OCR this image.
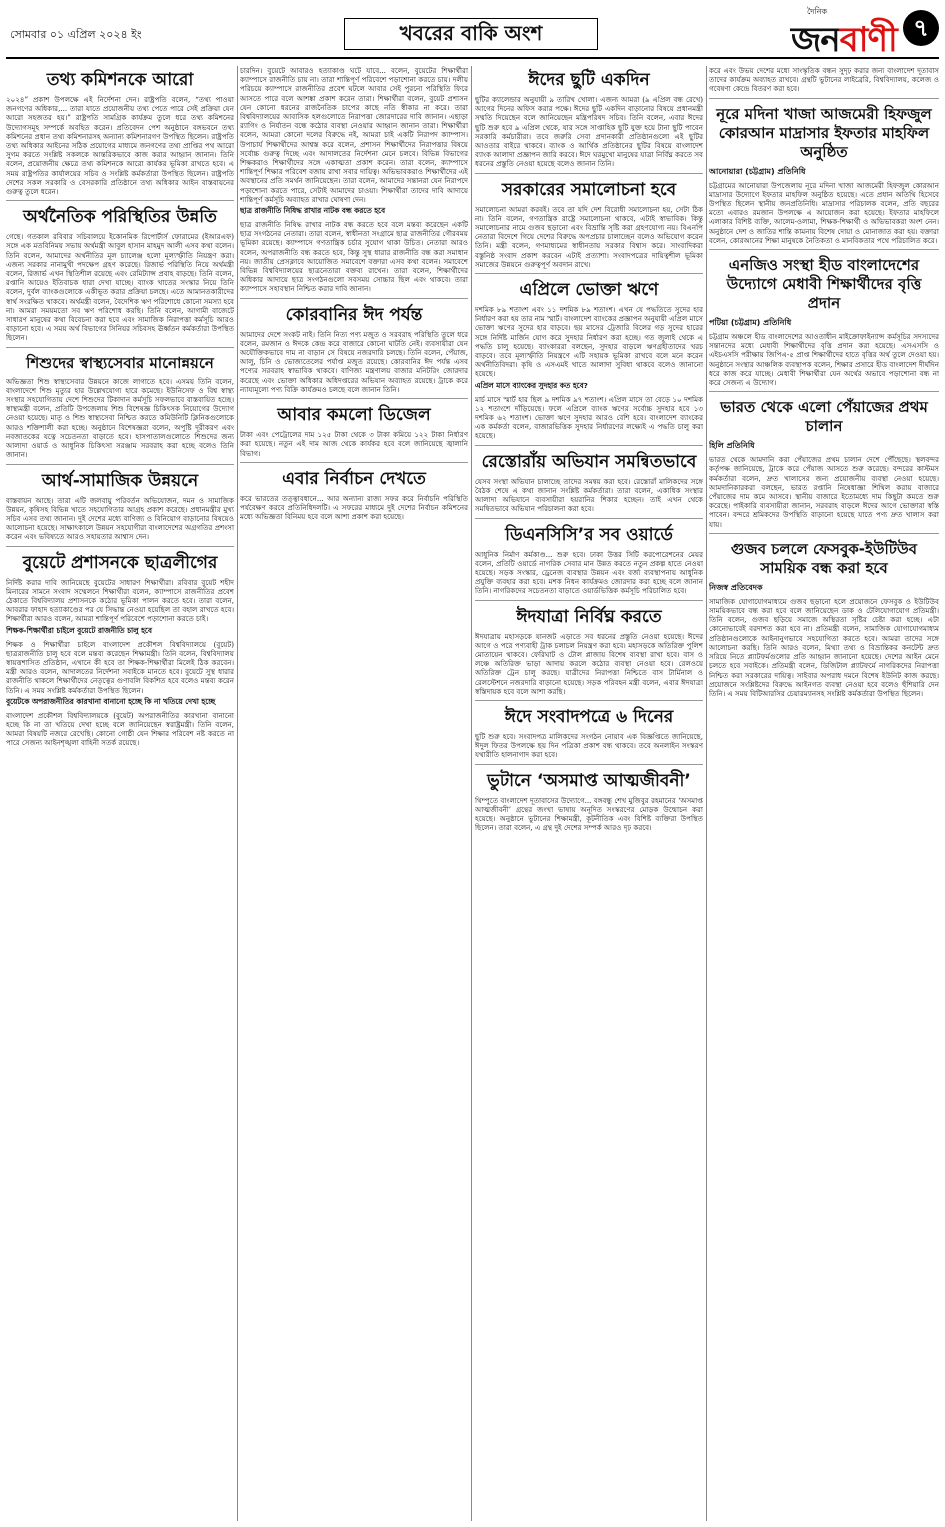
সোমবার ০১ এপ্রিল ২০২৪ ইং	খবরের বাকি অংশ
দৈনিক
জনবাণী ৭
তথ্য কমিশনকে আরো

২০২৪” প্রকাশ উপলক্ষে এই নির্দেশনা দেন। রাষ্ট্রপতি বলেন, “তথ্য পাওয়া জনগণের অধিকার,... তারা যাতে প্রয়োজনীয় তথ্য পেতে পারে সেই প্রক্রিয়া যেন আরো সহজতর হয়।” রাষ্ট্রপতি সামগ্রিক কার্যক্রম তুলে ধরে তথ্য কমিশনের উদ্যোগসমূহ সম্পর্কে অবহিত করেন। প্রতিবেদন পেশ অনুষ্ঠানে বঙ্গভবনে তথ্য কমিশনের প্রধান তথ্য কমিশনারসহ অন্যান্য কমিশনারগণ উপস্থিত ছিলেন। রাষ্ট্রপতি তথ্য অধিকার আইনের সঠিক প্রয়োগের মাধ্যমে জনগণের তথ্য প্রাপ্তির পথ আরো সুগম করতে সংশ্লিষ্ট সকলকে আন্তরিকভাবে কাজ করার আহ্বান জানান। তিনি বলেন, প্রয়োজনীয় ক্ষেত্রে তথ্য কমিশনকে আরো কার্যকর ভূমিকা রাখতে হবে। এ সময় রাষ্ট্রপতির কার্যালয়ের সচিব ও সংশ্লিষ্ট কর্মকর্তারা উপস্থিত ছিলেন। রাষ্ট্রপতি দেশের সকল সরকারি ও বেসরকারি প্রতিষ্ঠানে তথ্য অধিকার আইন বাস্তবায়নের গুরুত্ব তুলে ধরেন।

অর্থনৈতিক পরিস্থিতির উন্নতি

গেছে। গতকাল রবিবার সচিবালয়ে ইকোনমিক রিপোর্টার্স ফোরামের (ইআরএফ) সঙ্গে এক মতবিনিময় সভায় অর্থমন্ত্রী আবুল হাসান মাহমুদ আলী এসব কথা বলেন। তিনি বলেন, আমাদের অর্থনীতির মূল চ্যালেঞ্জ হলো মূল্যস্ফীতি নিয়ন্ত্রণ করা। এজন্য সরকার নানামুখী পদক্ষেপ গ্রহণ করেছে। রিজার্ভ পরিস্থিতি নিয়ে অর্থমন্ত্রী বলেন, রিজার্ভ এখন স্থিতিশীল রয়েছে এবং রেমিট্যান্স প্রবাহ বাড়ছে। তিনি বলেন, রপ্তানি আয়েও ইতিবাচক ধারা দেখা যাচ্ছে। ব্যাংক খাতের সংস্কার নিয়ে তিনি বলেন, দুর্বল ব্যাংকগুলোকে একীভূত করার প্রক্রিয়া চলছে। এতে আমানতকারীদের স্বার্থ সংরক্ষিত থাকবে। অর্থমন্ত্রী বলেন, বৈদেশিক ঋণ পরিশোধে কোনো সমস্যা হবে না। আমরা সময়মতো সব ঋণ পরিশোধ করছি। তিনি বলেন, আগামী বাজেটে সাধারণ মানুষের কথা বিবেচনা করা হবে এবং সামাজিক নিরাপত্তা কর্মসূচি আরও বাড়ানো হবে। এ সময় অর্থ বিভাগের সিনিয়র সচিবসহ ঊর্ধ্বতন কর্মকর্তারা উপস্থিত ছিলেন।

শিশুদের স্বাস্থ্যসেবার মানোন্নয়নে

অভিজ্ঞতা শিশু স্বাস্থ্যসেবার উন্নয়নে কাজে লাগাতে হবে। এসময় তিনি বলেন, বাংলাদেশে শিশু মৃত্যুর হার উল্লেখযোগ্য হারে কমেছে। ইউনিসেফ ও বিশ্ব স্বাস্থ্য সংস্থার সহযোগিতায় দেশে শিশুদের টিকাদান কর্মসূচি সফলভাবে বাস্তবায়িত হচ্ছে। স্বাস্থ্যমন্ত্রী বলেন, প্রতিটি উপজেলায় শিশু বিশেষজ্ঞ চিকিৎসক নিয়োগের উদ্যোগ নেওয়া হয়েছে। মাতৃ ও শিশু স্বাস্থ্যসেবা নিশ্চিত করতে কমিউনিটি ক্লিনিকগুলোকে আরও শক্তিশালী করা হচ্ছে। অনুষ্ঠানে বিশেষজ্ঞরা বলেন, অপুষ্টি দূরীকরণ এবং নবজাতকের যত্নে সচেতনতা বাড়াতে হবে। হাসপাতালগুলোতে শিশুদের জন্য আলাদা ওয়ার্ড ও আধুনিক চিকিৎসা সরঞ্জাম সরবরাহ করা হচ্ছে বলেও তিনি জানান।

আর্থ-সামাজিক উন্নয়নে

বাস্তবায়ন আছে। তারা এটি জলবায়ু পরিবর্তন অভিযোজন, দমন ও সামাজিক উন্নয়ন, কৃষিসহ বিভিন্ন খাতে সহযোগিতার আগ্রহ প্রকাশ করেছে। প্রধানমন্ত্রীর মুখ্য সচিব এসব তথ্য জানান। দুই দেশের মধ্যে বাণিজ্য ও বিনিয়োগ বাড়ানোর বিষয়েও আলোচনা হয়েছে। সাক্ষাৎকালে উন্নয়ন সহযোগীরা বাংলাদেশের অগ্রগতির প্রশংসা করেন এবং ভবিষ্যতে আরও সহায়তার আশ্বাস দেন।

বুয়েটে প্রশাসনকে ছাত্রলীগের

নির্দিষ্ট করার দাবি জানিয়েছে বুয়েটের সাধারণ শিক্ষার্থীরা। রবিবার বুয়েট শহীদ মিনারের সামনে সংবাদ সম্মেলনে শিক্ষার্থীরা বলেন, ক্যাম্পাসে রাজনীতির প্রবেশ ঠেকাতে বিশ্ববিদ্যালয় প্রশাসনকে কঠোর ভূমিকা পালন করতে হবে। তারা বলেন, আবরার ফাহাদ হত্যাকাণ্ডের পর যে সিদ্ধান্ত নেওয়া হয়েছিল তা বহাল রাখতে হবে। শিক্ষার্থীরা আরও বলেন, আমরা শান্তিপূর্ণ পরিবেশে পড়াশোনা করতে চাই।

শিক্ষক-শিক্ষার্থীরা চাইলে বুয়েটে রাজনীতি চালু হবে

শিক্ষক ও শিক্ষার্থীরা চাইলে বাংলাদেশ প্রকৌশল বিশ্ববিদ্যালয়ে (বুয়েট) ছাত্ররাজনীতি চালু হবে বলে মন্তব্য করেছেন শিক্ষামন্ত্রী। তিনি বলেন, বিশ্ববিদ্যালয় স্বায়ত্তশাসিত প্রতিষ্ঠান, এখানে কী হবে তা শিক্ষক-শিক্ষার্থীরা মিলেই ঠিক করবেন। মন্ত্রী আরও বলেন, আদালতের নির্দেশনা সবাইকে মানতে হবে। বুয়েটে সুস্থ ধারার রাজনীতি থাকলে শিক্ষার্থীদের নেতৃত্বের গুণাবলি বিকশিত হবে বলেও মন্তব্য করেন তিনি। এ সময় সংশ্লিষ্ট কর্মকর্তারা উপস্থিত ছিলেন।

বুয়েটকে অপরাজনীতির কারখানা বানানো হচ্ছে কি না খতিয়ে দেখা হচ্ছে

বাংলাদেশ প্রকৌশল বিশ্ববিদ্যালয়কে (বুয়েট) অপরাজনীতির কারখানা বানানো হচ্ছে কি না তা খতিয়ে দেখা হচ্ছে বলে জানিয়েছেন স্বরাষ্ট্রমন্ত্রী। তিনি বলেন, আমরা বিষয়টি নজরে রেখেছি। কোনো গোষ্ঠী যেন শিক্ষার পরিবেশ নষ্ট করতে না পারে সেজন্য আইনশৃঙ্খলা বাহিনী সতর্ক রয়েছে।

চারদিন। বুয়েটে আবারও হত্যাকাণ্ড ঘটে যাবে... বলেন, বুয়েটের শিক্ষার্থীরা ক্যাম্পাসে রাজনীতি চায় না। তারা শান্তিপূর্ণ পরিবেশে পড়াশোনা করতে চায়। দলীয় পরিচয়ে ক্যাম্পাসে রাজনীতির প্রবেশ ঘটলে আবার সেই পুরনো পরিস্থিতি ফিরে আসতে পারে বলে আশঙ্কা প্রকাশ করেন তারা। শিক্ষার্থীরা বলেন, বুয়েট প্রশাসন যেন কোনো ধরনের রাজনৈতিক চাপের কাছে নতি স্বীকার না করে। তারা বিশ্ববিদ্যালয়ের আবাসিক হলগুলোতে নিরাপত্তা জোরদারের দাবি জানান। এছাড়া র‍্যাগিং ও নির্যাতন বন্ধে কঠোর ব্যবস্থা নেওয়ার আহ্বান জানান তারা। শিক্ষার্থীরা বলেন, আমরা কোনো দলের বিরুদ্ধে নই, আমরা চাই একটি নিরাপদ ক্যাম্পাস। উপাচার্য শিক্ষার্থীদের আশ্বস্ত করে বলেন, প্রশাসন শিক্ষার্থীদের নিরাপত্তার বিষয়ে সর্বোচ্চ গুরুত্ব দিচ্ছে এবং আদালতের নির্দেশনা মেনে চলবে। বিভিন্ন বিভাগের শিক্ষকরাও শিক্ষার্থীদের সঙ্গে একাত্মতা প্রকাশ করেন। তারা বলেন, ক্যাম্পাসে শান্তিপূর্ণ শিক্ষার পরিবেশ বজায় রাখা সবার দায়িত্ব। অভিভাবকরাও শিক্ষার্থীদের এই অবস্থানের প্রতি সমর্থন জানিয়েছেন। তারা বলেন, আমাদের সন্তানরা যেন নিরাপদে পড়াশোনা করতে পারে, সেটাই আমাদের চাওয়া। শিক্ষার্থীরা তাদের দাবি আদায়ে শান্তিপূর্ণ কর্মসূচি অব্যাহত রাখার ঘোষণা দেন।

ছাত্র রাজনীতি নিষিদ্ধ রাখার নাটক বন্ধ করতে হবে

ছাত্র রাজনীতি নিষিদ্ধ রাখার নাটক বন্ধ করতে হবে বলে মন্তব্য করেছেন একটি ছাত্র সংগঠনের নেতারা। তারা বলেন, স্বাধীনতা সংগ্রামে ছাত্র রাজনীতির গৌরবময় ভূমিকা রয়েছে। ক্যাম্পাসে গণতান্ত্রিক চর্চার সুযোগ থাকা উচিত। নেতারা আরও বলেন, অপরাজনীতি বন্ধ করতে হবে, কিন্তু সুস্থ ধারার রাজনীতি বন্ধ করা সমাধান নয়। জাতীয় প্রেসক্লাবে আয়োজিত সমাবেশে বক্তারা এসব কথা বলেন। সমাবেশে বিভিন্ন বিশ্ববিদ্যালয়ের ছাত্রনেতারা বক্তব্য রাখেন। তারা বলেন, শিক্ষার্থীদের অধিকার আদায়ে ছাত্র সংগঠনগুলো সবসময় সোচ্চার ছিল এবং থাকবে। তারা ক্যাম্পাসে সহাবস্থান নিশ্চিত করার দাবি জানান।

কোরবানির ঈদ পর্যন্ত

আমাদের দেশে সংকট নাই। তিনি নিত্য পণ্য মজুত ও সরবরাহ পরিস্থিতি তুলে ধরে বলেন, রমজান ও ঈদকে কেন্দ্র করে বাজারে কোনো ঘাটতি নেই। ব্যবসায়ীরা যেন অযৌক্তিকভাবে দাম না বাড়ান সে বিষয়ে নজরদারি চলছে। তিনি বলেন, পেঁয়াজ, আলু, চিনি ও ভোজ্যতেলের পর্যাপ্ত মজুত রয়েছে। কোরবানির ঈদ পর্যন্ত এসব পণ্যের সরবরাহ স্বাভাবিক থাকবে। বাণিজ্য মন্ত্রণালয় বাজার মনিটরিং জোরদার করেছে এবং ভোক্তা অধিকার অধিদপ্তরের অভিযান অব্যাহত রয়েছে। ট্রাকে করে ন্যায্যমূল্যে পণ্য বিক্রি কার্যক্রমও চলছে বলে জানান তিনি।

আবার কমলো ডিজেল

টাকা এবং পেট্রোলের দাম ১২৫ টাকা থেকে ৩ টাকা কমিয়ে ১২২ টাকা নির্ধারণ করা হয়েছে। নতুন এই দাম আজ থেকে কার্যকর হবে বলে জানিয়েছে জ্বালানি বিভাগ।

এবার নির্বাচন দেখতে

করে ভারতের তত্ত্বাবধানে... আর অন্যান্য রাজ্য সফর করে নির্বাচনি পরিস্থিতি পর্যবেক্ষণ করবে প্রতিনিধিদলটি। এ সফরের মাধ্যমে দুই দেশের নির্বাচন কমিশনের মধ্যে অভিজ্ঞতা বিনিময় হবে বলে আশা প্রকাশ করা হয়েছে।

ঈদের ছুটি একদিন

ছুটির ক্যালেন্ডার অনুযায়ী ৯ তারিখ খোলা। এজন্য আমরা (৯ এপ্রিল বন্ধ রেখে) আগের দিনের অফিস করার পক্ষে। ঈদের ছুটি একদিন বাড়ানোর বিষয়ে প্রধানমন্ত্রী সম্মতি দিয়েছেন বলে জানিয়েছেন মন্ত্রিপরিষদ সচিব। তিনি বলেন, এবার ঈদের ছুটি শুরু হবে ৯ এপ্রিল থেকে, যার সঙ্গে সাপ্তাহিক ছুটি যুক্ত হয়ে টানা ছুটি পাবেন সরকারি কর্মচারীরা। তবে জরুরি সেবা প্রদানকারী প্রতিষ্ঠানগুলো এই ছুটির আওতার বাইরে থাকবে। ব্যাংক ও আর্থিক প্রতিষ্ঠানের ছুটির বিষয়ে বাংলাদেশ ব্যাংক আলাদা প্রজ্ঞাপন জারি করবে। ঈদে ঘরমুখো মানুষের যাত্রা নির্বিঘ্ন করতে সব ধরনের প্রস্তুতি নেওয়া হয়েছে বলেও জানান তিনি।

সরকারের সমালোচনা হবে

সমালোচনা আমরা করবই। তবে তা যদি দেশ বিরোধী সমালোচনা হয়, সেটা ঠিক না। তিনি বলেন, গণতান্ত্রিক রাষ্ট্রে সমালোচনা থাকবে, এটাই স্বাভাবিক। কিন্তু সমালোচনার নামে গুজব ছড়ানো এবং বিভ্রান্তি সৃষ্টি করা গ্রহণযোগ্য নয়। বিএনপি নেতারা বিদেশে গিয়ে দেশের বিরুদ্ধে অপপ্রচার চালাচ্ছেন বলেও অভিযোগ করেন তিনি। মন্ত্রী বলেন, গণমাধ্যমের স্বাধীনতায় সরকার বিশ্বাস করে। সাংবাদিকরা বস্তুনিষ্ঠ সংবাদ প্রকাশ করবেন এটাই প্রত্যাশা। সংবাদপত্রের দায়িত্বশীল ভূমিকা সমাজের উন্নয়নে গুরুত্বপূর্ণ অবদান রাখে।

এপ্রিলে ভোক্তা ঋণে

দশমিক ৮৯ শতাংশ এবং ১১ দশমিক ৮৯ শতাংশ। এখন যে পদ্ধতিতে সুদের হার নির্ধারণ করা হয় তার নাম স্মার্ট। বাংলাদেশ ব্যাংকের প্রজ্ঞাপন অনুযায়ী এপ্রিল মাসে ভোক্তা ঋণের সুদের হার বাড়বে। ছয় মাসের ট্রেজারি বিলের গড় সুদের হারের সঙ্গে নির্দিষ্ট মার্জিন যোগ করে সুদহার নির্ধারণ করা হচ্ছে। গত জুলাই থেকে এ পদ্ধতি চালু হয়েছে। ব্যাংকাররা বলছেন, সুদহার বাড়লে ঋণগ্রহীতাদের খরচ বাড়বে। তবে মূল্যস্ফীতি নিয়ন্ত্রণে এটি সহায়ক ভূমিকা রাখবে বলে মনে করেন অর্থনীতিবিদরা। কৃষি ও এসএমই খাতে আলাদা সুবিধা থাকবে বলেও জানানো হয়েছে।

এপ্রিল মাসে ব্যাংকের সুদহার কত হবে?

মার্চ মাসে স্মার্ট হার ছিল ৯ দশমিক ৯৭ শতাংশ। এপ্রিল মাসে তা বেড়ে ১০ দশমিক ১২ শতাংশে দাঁড়িয়েছে। ফলে এপ্রিলে ব্যাংক ঋণের সর্বোচ্চ সুদহার হবে ১৩ দশমিক ৬২ শতাংশ। ভোক্তা ঋণে সুদহার আরও বেশি হবে। বাংলাদেশ ব্যাংকের এক কর্মকর্তা বলেন, বাজারভিত্তিক সুদহার নির্ধারণের লক্ষ্যেই এ পদ্ধতি চালু করা হয়েছে।

রেস্তোরাঁয় অভিযান সমন্বিতভাবে

যেসব সংস্থা অভিযান চালাচ্ছে তাদের সমন্বয় করা হবে। রেস্তোরাঁ মালিকদের সঙ্গে বৈঠক শেষে এ কথা জানান সংশ্লিষ্ট কর্মকর্তারা। তারা বলেন, একাধিক সংস্থার আলাদা অভিযানে ব্যবসায়ীরা হয়রানির শিকার হচ্ছেন। তাই এখন থেকে সমন্বিতভাবে অভিযান পরিচালনা করা হবে।

ডিএনসিসি’র সব ওয়ার্ডে

আধুনিক নির্মাণ কর্মকাণ্ড... শুরু হবে। ঢাকা উত্তর সিটি করপোরেশনের মেয়র বলেন, প্রতিটি ওয়ার্ডে নাগরিক সেবার মান উন্নত করতে নতুন প্রকল্প হাতে নেওয়া হয়েছে। সড়ক সংস্কার, ড্রেনেজ ব্যবস্থার উন্নয়ন এবং বর্জ্য ব্যবস্থাপনায় আধুনিক প্রযুক্তি ব্যবহার করা হবে। মশক নিধন কার্যক্রমও জোরদার করা হচ্ছে বলে জানান তিনি। নাগরিকদের সচেতনতা বাড়াতে ওয়ার্ডভিত্তিক কর্মসূচি পরিচালিত হবে।

ঈদযাত্রা নির্বিঘ্ন করতে

ঈদযাত্রায় মহাসড়কে যানজট এড়াতে সব ধরনের প্রস্তুতি নেওয়া হয়েছে। ঈদের আগে ও পরে পণ্যবাহী ট্রাক চলাচল নিয়ন্ত্রণ করা হবে। মহাসড়কে অতিরিক্ত পুলিশ মোতায়েন থাকবে। ফেরিঘাট ও টোল প্লাজায় বিশেষ ব্যবস্থা রাখা হবে। বাস ও লঞ্চে অতিরিক্ত ভাড়া আদায় করলে কঠোর ব্যবস্থা নেওয়া হবে। রেলওয়ে অতিরিক্ত ট্রেন চালু করছে। যাত্রীদের নিরাপত্তা নিশ্চিতে বাস টার্মিনাল ও রেলস্টেশনে নজরদারি বাড়ানো হয়েছে। সড়ক পরিবহন মন্ত্রী বলেন, এবার ঈদযাত্রা স্বস্তিদায়ক হবে বলে আশা করছি।

ঈদে সংবাদপত্রে ৬ দিনের

ছুটি শুরু হবে। সংবাদপত্র মালিকদের সংগঠন নোয়াব এক বিজ্ঞপ্তিতে জানিয়েছে, ঈদুল ফিতর উপলক্ষে ছয় দিন পত্রিকা প্রকাশ বন্ধ থাকবে। তবে অনলাইন সংস্করণ যথারীতি হালনাগাদ করা হবে।

ভুটানে ‘অসমাপ্ত আত্মজীবনী’

থিম্পুতে বাংলাদেশ দূতাবাসের উদ্যোগে... বঙ্গবন্ধু শেখ মুজিবুর রহমানের ‘অসমাপ্ত আত্মজীবনী’ গ্রন্থের জংখা ভাষায় অনূদিত সংস্করণের মোড়ক উন্মোচন করা হয়েছে। অনুষ্ঠানে ভুটানের শিক্ষামন্ত্রী, কূটনীতিক এবং বিশিষ্ট ব্যক্তিরা উপস্থিত ছিলেন। তারা বলেন, এ গ্রন্থ দুই দেশের সম্পর্ক আরও দৃঢ় করবে।

করে এবং উভয় দেশের মধ্যে সাংস্কৃতিক বন্ধন সুদৃঢ় করার জন্য বাংলাদেশ দূতাবাস তাদের কার্যক্রম অব্যাহত রাখবে। গ্রন্থটি ভুটানের লাইব্রেরি, বিশ্ববিদ্যালয়, কলেজ ও গবেষণা কেন্দ্রে বিতরণ করা হবে।

নূরে মদিনা খাজা আজমেরী হিফজুল কোরআন মাদ্রাসার ইফতার মাহফিল অনুষ্ঠিত
আনোয়ারা (চট্টগ্রাম) প্রতিনিধি

চট্টগ্রামের আনোয়ারা উপজেলায় নূরে মদিনা খাজা আজমেরী হিফজুল কোরআন মাদ্রাসার উদ্যোগে ইফতার মাহফিল অনুষ্ঠিত হয়েছে। এতে প্রধান অতিথি হিসেবে উপস্থিত ছিলেন স্থানীয় জনপ্রতিনিধি। মাদ্রাসার পরিচালক বলেন, প্রতি বছরের মতো এবারও রমজান উপলক্ষে এ আয়োজন করা হয়েছে। ইফতার মাহফিলে এলাকার বিশিষ্ট ব্যক্তি, আলেম-ওলামা, শিক্ষক-শিক্ষার্থী ও অভিভাবকরা অংশ নেন। অনুষ্ঠানে দেশ ও জাতির শান্তি কামনায় বিশেষ দোয়া ও মোনাজাত করা হয়। বক্তারা বলেন, কোরআনের শিক্ষা মানুষকে নৈতিকতা ও মানবিকতার পথে পরিচালিত করে।

এনজিও সংস্থা হীড বাংলাদেশের উদ্যোগে মেধাবী শিক্ষার্থীদের বৃত্তি প্রদান
পটিয়া (চট্টগ্রাম) প্রতিনিধি

চট্টগ্রাম অঞ্চলে হীড বাংলাদেশের আওতাধীন মাইক্রোফাইন্যান্স কর্মসূচির সদস্যদের সন্তানদের মধ্যে মেধাবী শিক্ষার্থীদের বৃত্তি প্রদান করা হয়েছে। এসএসসি ও এইচএসসি পরীক্ষায় জিপিএ-৫ প্রাপ্ত শিক্ষার্থীদের হাতে বৃত্তির অর্থ তুলে দেওয়া হয়। অনুষ্ঠানে সংস্থার আঞ্চলিক ব্যবস্থাপক বলেন, শিক্ষার প্রসারে হীড বাংলাদেশ দীর্ঘদিন ধরে কাজ করে যাচ্ছে। মেধাবী শিক্ষার্থীরা যেন অর্থের অভাবে পড়াশোনা বন্ধ না করে সেজন্য এ উদ্যোগ।

ভারত থেকে এলো পেঁয়াজের প্রথম চালান
হিলি প্রতিনিধি

ভারত থেকে আমদানি করা পেঁয়াজের প্রথম চালান দেশে পৌঁছেছে। স্থলবন্দর কর্তৃপক্ষ জানিয়েছে, ট্রাকে করে পেঁয়াজ আসতে শুরু করেছে। বন্দরের কাস্টমস কর্মকর্তারা বলেন, দ্রুত খালাসের জন্য প্রয়োজনীয় ব্যবস্থা নেওয়া হয়েছে। আমদানিকারকরা বলছেন, ভারত রপ্তানি নিষেধাজ্ঞা শিথিল করায় বাজারে পেঁয়াজের দাম কমে আসবে। স্থানীয় বাজারে ইতোমধ্যে দাম কিছুটা কমতে শুরু করেছে। পাইকারি ব্যবসায়ীরা জানান, সরবরাহ বাড়লে ঈদের আগে ভোক্তারা স্বস্তি পাবেন। বন্দরে শ্রমিকদের উপস্থিতি বাড়ানো হয়েছে যাতে পণ্য দ্রুত খালাস করা যায়।

গুজব চললে ফেসবুক-ইউটিউব সাময়িক বন্ধ করা হবে
নিজস্ব প্রতিবেদক

সামাজিক যোগাযোগমাধ্যমে গুজব ছড়ানো হলে প্রয়োজনে ফেসবুক ও ইউটিউব সাময়িকভাবে বন্ধ করা হবে বলে জানিয়েছেন ডাক ও টেলিযোগাযোগ প্রতিমন্ত্রী। তিনি বলেন, গুজব ছড়িয়ে সমাজে অস্থিরতা সৃষ্টির চেষ্টা করা হচ্ছে। এটা কোনোভাবেই বরদাশত করা হবে না। প্রতিমন্ত্রী বলেন, সামাজিক যোগাযোগমাধ্যম প্রতিষ্ঠানগুলোকে আইনানুগভাবে সহযোগিতা করতে হবে। আমরা তাদের সঙ্গে আলোচনা করছি। তিনি আরও বলেন, মিথ্যা তথ্য ও বিভ্রান্তিকর কনটেন্ট দ্রুত সরিয়ে নিতে প্ল্যাটফর্মগুলোর প্রতি আহ্বান জানানো হয়েছে। দেশের আইন মেনে চলতে হবে সবাইকে। প্রতিমন্ত্রী বলেন, ডিজিটাল প্ল্যাটফর্মে নাগরিকদের নিরাপত্তা নিশ্চিত করা সরকারের দায়িত্ব। সাইবার অপরাধ দমনে বিশেষ ইউনিট কাজ করছে। প্রয়োজনে সংশ্লিষ্টদের বিরুদ্ধে আইনগত ব্যবস্থা নেওয়া হবে বলেও হুঁশিয়ারি দেন তিনি। এ সময় বিটিআরসির চেয়ারম্যানসহ সংশ্লিষ্ট কর্মকর্তারা উপস্থিত ছিলেন।
